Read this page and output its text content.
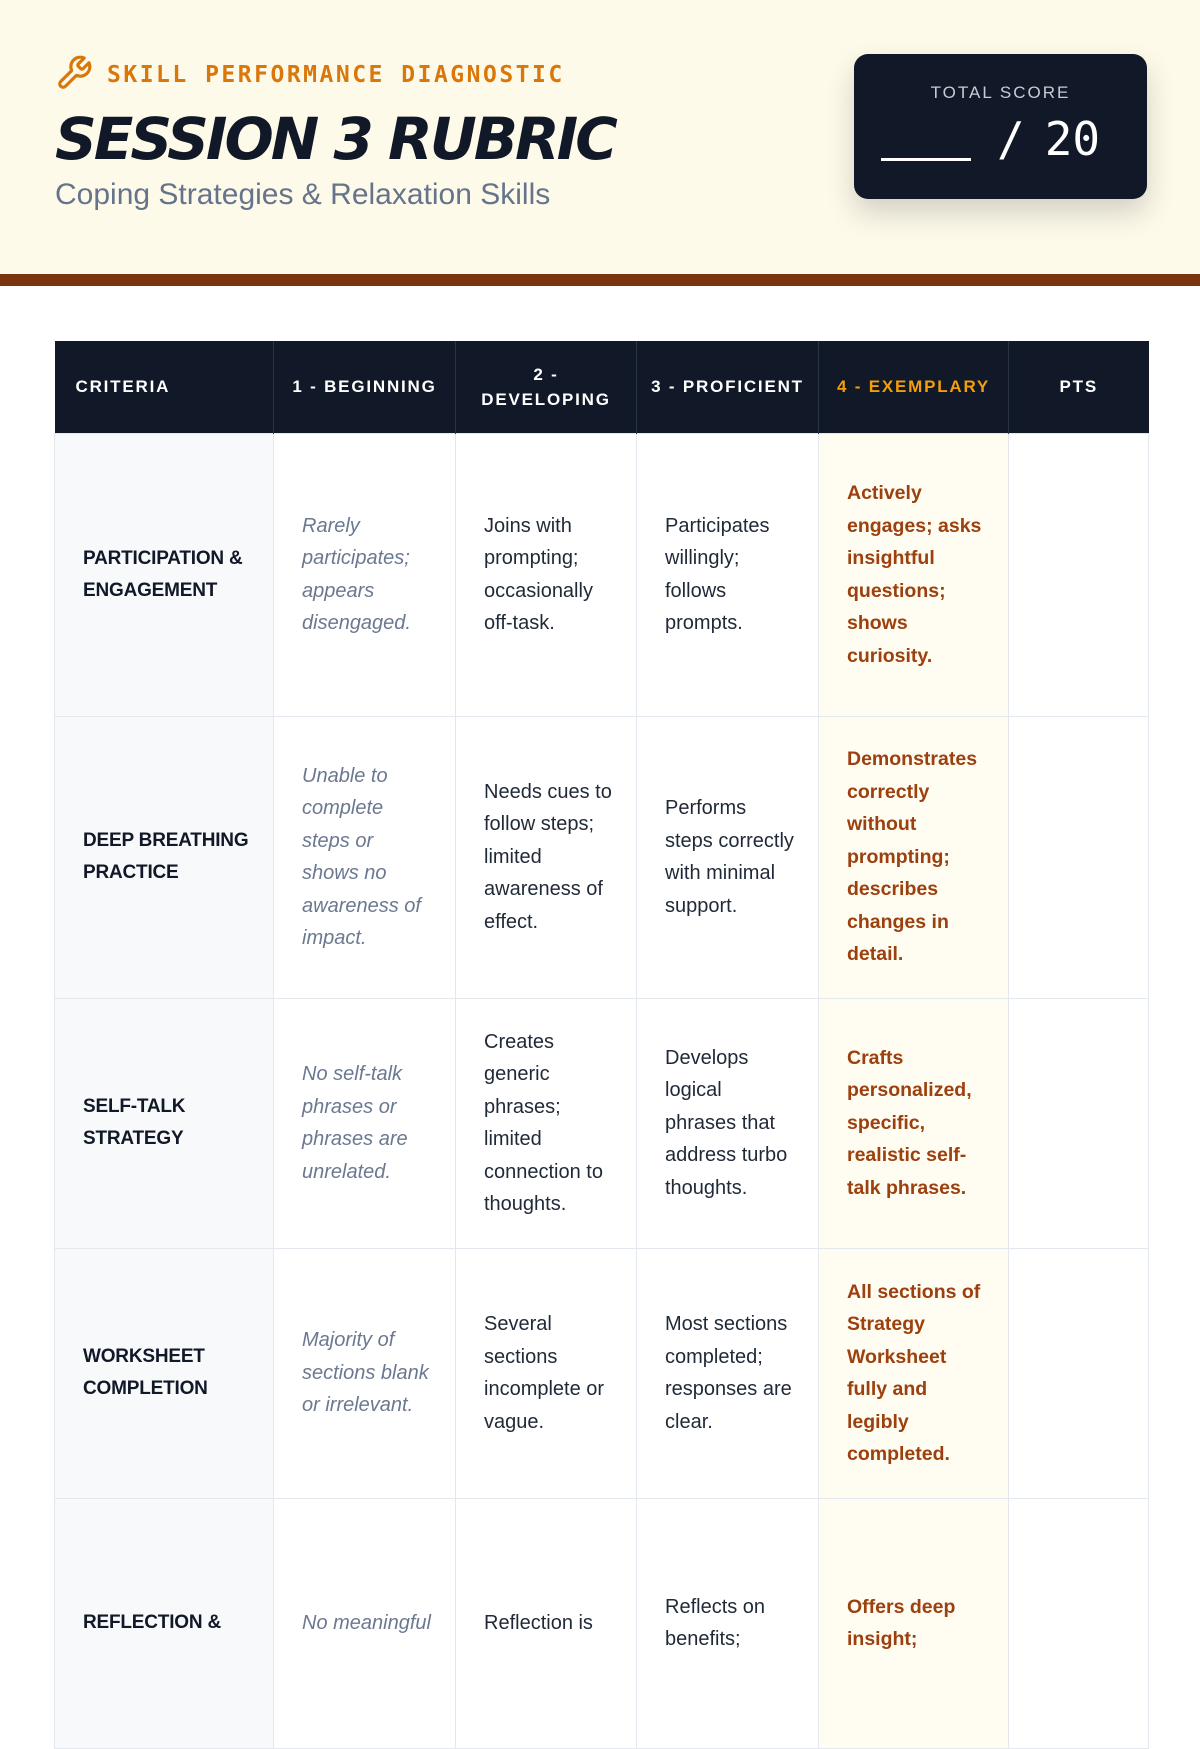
SKILL PERFORMANCE DIAGNOSTIC
SESSION 3 RUBRIC
Coping Strategies & Relaxation Skills
TOTAL SCORE
/ 20
CRITERIA	1 - BEGINNING	2 - DEVELOPING	3 - PROFICIENT	4 - EXEMPLARY	PTS
PARTICIPATION & ENGAGEMENT	Rarely participates; appears disengaged.	Joins with prompting; occasionally off-task.	Participates willingly; follows prompts.	Actively engages; asks insightful questions; shows curiosity.	
DEEP BREATHING PRACTICE	Unable to complete steps or shows no awareness of impact.	Needs cues to follow steps; limited awareness of effect.	Performs steps correctly with minimal support.	Demonstrates correctly without prompting; describes changes in detail.	
SELF-TALK STRATEGY	No self-talk phrases or phrases are unrelated.	Creates generic phrases; limited connection to thoughts.	Develops logical phrases that address turbo thoughts.	Crafts personalized, specific, realistic self-talk phrases.	
WORKSHEET COMPLETION	Majority of sections blank or irrelevant.	Several sections incomplete or vague.	Most sections completed; responses are clear.	All sections of Strategy Worksheet fully and legibly completed.	
REFLECTION &	No meaningful	Reflection is	Reflects on benefits;	Offers deep insight;	
